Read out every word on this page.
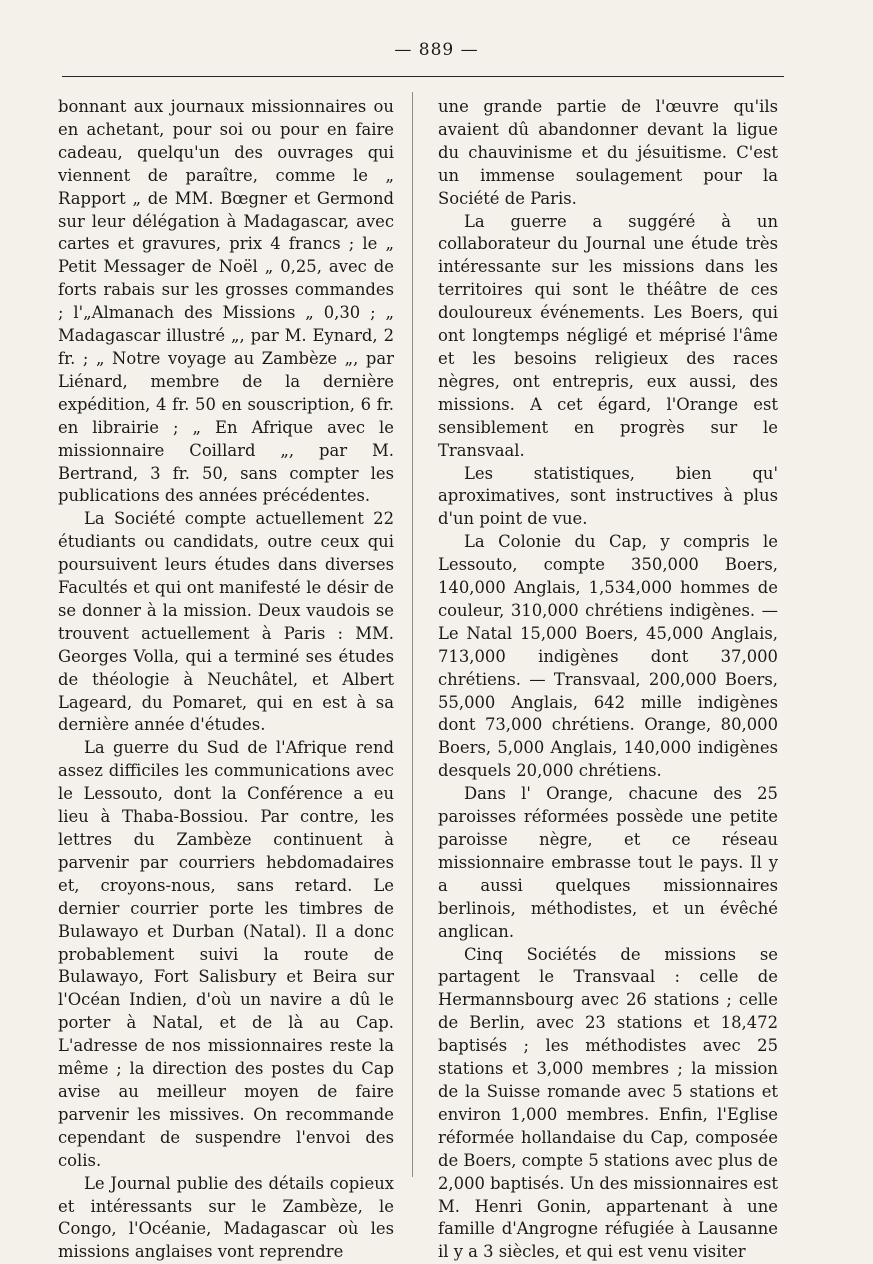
— 889 —

bonnant aux journaux missionnaires ou en achetant, pour soi ou pour en faire cadeau, quelqu'un des ouvrages qui viennent de paraître, comme le „ Rapport „ de MM. Bœgner et Germond sur leur délégation à Madagascar, avec cartes et gravures, prix 4 francs ; le „ Petit Messager de Noël „ 0,25, avec de forts rabais sur les grosses commandes ; l'„Almanach des Missions „ 0,30 ; „ Madagascar illustré „, par M. Eynard, 2 fr. ; „ Notre voyage au Zambèze „, par Liénard, membre de la dernière expédition, 4 fr. 50 en souscription, 6 fr. en librairie ; „ En Afrique avec le missionnaire Coillard „, par M. Bertrand, 3 fr. 50, sans compter les publications des années précédentes.

La Société compte actuellement 22 étudiants ou candidats, outre ceux qui poursuivent leurs études dans diverses Facultés et qui ont manifesté le désir de se donner à la mission. Deux vaudois se trouvent actuellement à Paris : MM. Georges Volla, qui a terminé ses études de théologie à Neuchâtel, et Albert Lageard, du Pomaret, qui en est à sa dernière année d'études.

La guerre du Sud de l'Afrique rend assez difficiles les communications avec le Lessouto, dont la Conférence a eu lieu à Thaba-Bossiou. Par contre, les lettres du Zambèze continuent à parvenir par courriers hebdomadaires et, croyons-nous, sans retard. Le dernier courrier porte les timbres de Bulawayo et Durban (Natal). Il a donc probablement suivi la route de Bulawayo, Fort Salisbury et Beira sur l'Océan Indien, d'où un navire a dû le porter à Natal, et de là au Cap. L'adresse de nos missionnaires reste la même ; la direction des postes du Cap avise au meilleur moyen de faire parvenir les missives. On recommande cependant de suspendre l'envoi des colis.

Le Journal publie des détails copieux et intéressants sur le Zambèze, le Congo, l'Océanie, Madagascar où les missions anglaises vont reprendre

une grande partie de l'œuvre qu'ils avaient dû abandonner devant la ligue du chauvinisme et du jésuitisme. C'est un immense soulagement pour la Société de Paris.

La guerre a suggéré à un collaborateur du Journal une étude très intéressante sur les missions dans les territoires qui sont le théâtre de ces douloureux événements. Les Boers, qui ont longtemps négligé et méprisé l'âme et les besoins religieux des races nègres, ont entrepris, eux aussi, des missions. A cet égard, l'Orange est sensiblement en progrès sur le Transvaal.

Les statistiques, bien qu' aproximatives, sont instructives à plus d'un point de vue.

La Colonie du Cap, y compris le Lessouto, compte 350,000 Boers, 140,000 Anglais, 1,534,000 hommes de couleur, 310,000 chrétiens indigènes. — Le Natal 15,000 Boers, 45,000 Anglais, 713,000 indigènes dont 37,000 chrétiens. — Transvaal, 200,000 Boers, 55,000 Anglais, 642 mille indigènes dont 73,000 chrétiens. Orange, 80,000 Boers, 5,000 Anglais, 140,000 indigènes desquels 20,000 chrétiens.

Dans l' Orange, chacune des 25 paroisses réformées possède une petite paroisse nègre, et ce réseau missionnaire embrasse tout le pays. Il y a aussi quelques missionnaires berlinois, méthodistes, et un évêché anglican.

Cinq Sociétés de missions se partagent le Transvaal : celle de Hermannsbourg avec 26 stations ; celle de Berlin, avec 23 stations et 18,472 baptisés ; les méthodistes avec 25 stations et 3,000 membres ; la mission de la Suisse romande avec 5 stations et environ 1,000 membres. Enfin, l'Eglise réformée hollandaise du Cap, composée de Boers, compte 5 stations avec plus de 2,000 baptisés. Un des missionnaires est M. Henri Gonin, appartenant à une famille d'Angrogne réfugiée à Lausanne il y a 3 siècles, et qui est venu visiter
